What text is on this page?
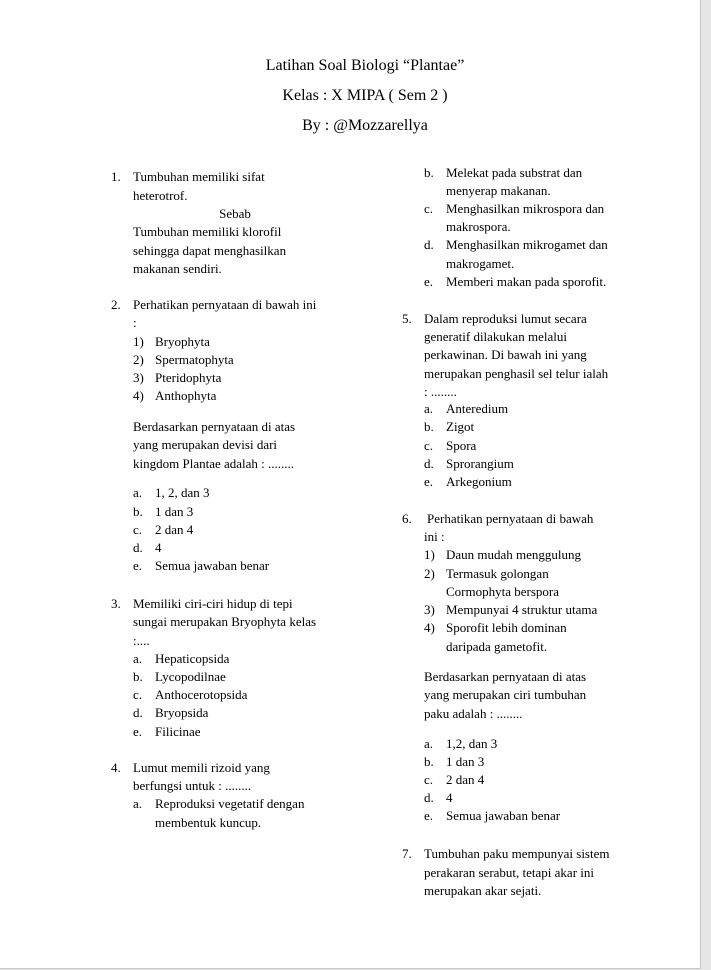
Latihan Soal Biologi “Plantae”
Kelas : X MIPA ( Sem 2 )
By : @Mozzarellya
1. Tumbuhan memiliki sifat
heterotrof.
Sebab
Tumbuhan memiliki klorofil
sehingga dapat menghasilkan
makanan sendiri.
2. Perhatikan pernyataan di bawah ini
:
1) Bryophyta
2) Spermatophyta
3) Pteridophyta
4) Anthophyta
Berdasarkan pernyataan di atas
yang merupakan devisi dari
kingdom Plantae adalah : ........
a. 1, 2, dan 3
b. 1 dan 3
c. 2 dan 4
d. 4
e. Semua jawaban benar
3. Memiliki ciri-ciri hidup di tepi
sungai merupakan Bryophyta kelas
:....
a. Hepaticopsida
b. Lycopodilnae
c. Anthocerotopsida
d. Bryopsida
e. Filicinae
4. Lumut memili rizoid yang
berfungsi untuk : ........
a. Reproduksi vegetatif dengan
membentuk kuncup.
b. Melekat pada substrat dan
menyerap makanan.
c. Menghasilkan mikrospora dan
makrospora.
d. Menghasilkan mikrogamet dan
makrogamet.
e. Memberi makan pada sporofit.
5. Dalam reproduksi lumut secara
generatif dilakukan melalui
perkawinan. Di bawah ini yang
merupakan penghasil sel telur ialah
: ........
a. Anteredium
b. Zigot
c. Spora
d. Sprorangium
e. Arkegonium
6. Perhatikan pernyataan di bawah
ini :
1) Daun mudah menggulung
2) Termasuk golongan
Cormophyta berspora
3) Mempunyai 4 struktur utama
4) Sporofit lebih dominan
daripada gametofit.
Berdasarkan pernyataan di atas
yang merupakan ciri tumbuhan
paku adalah : ........
a. 1,2, dan 3
b. 1 dan 3
c. 2 dan 4
d. 4
e. Semua jawaban benar
7. Tumbuhan paku mempunyai sistem
perakaran serabut, tetapi akar ini
merupakan akar sejati.
